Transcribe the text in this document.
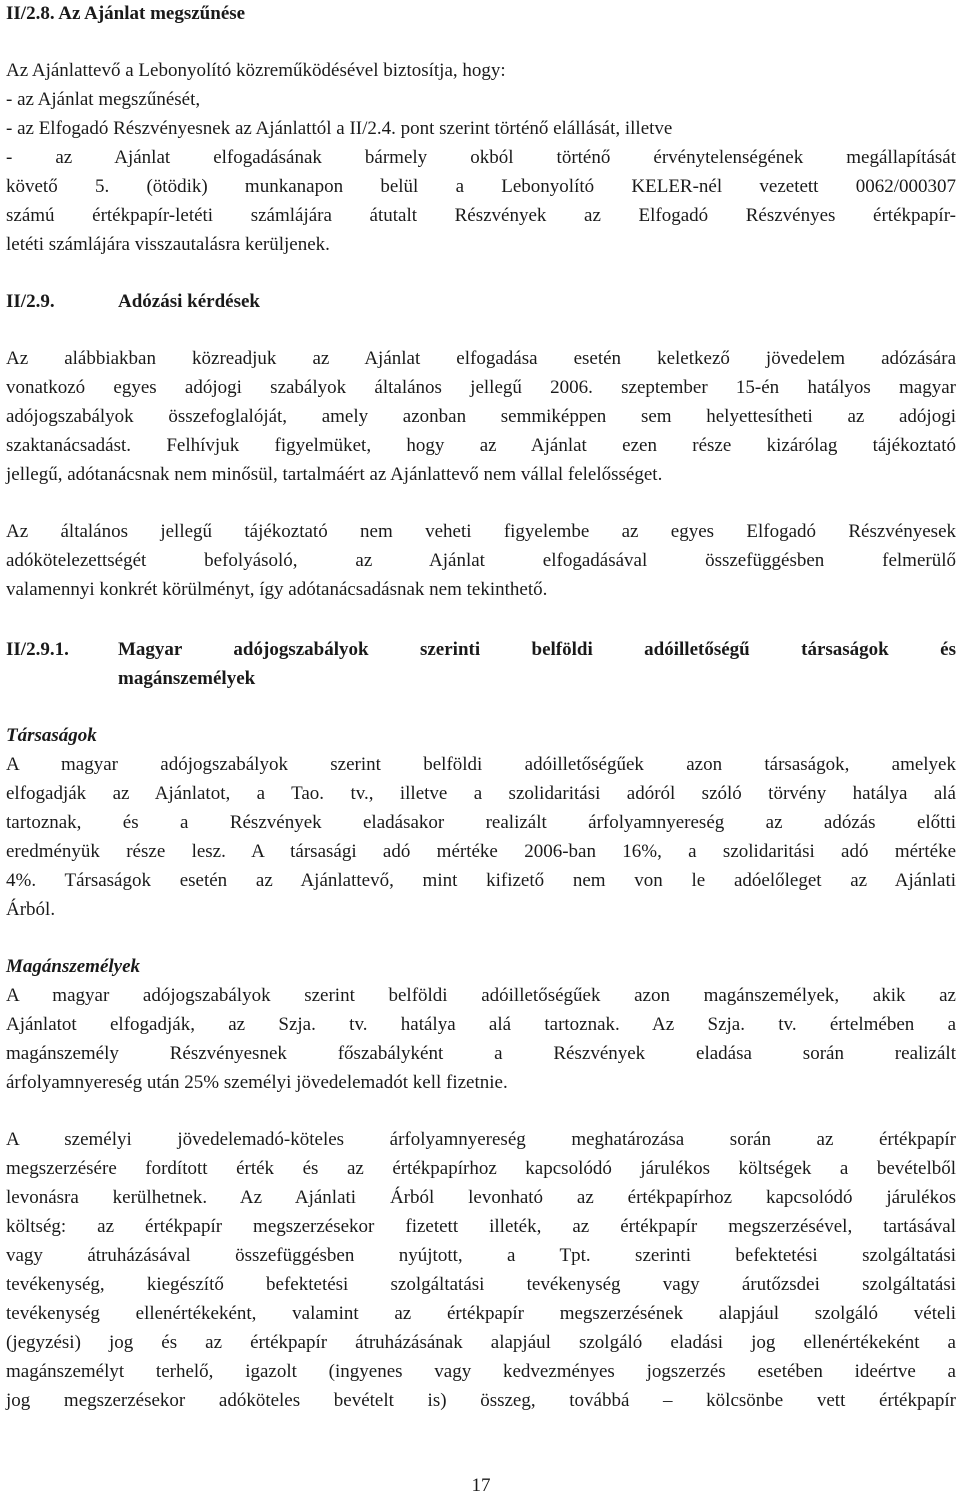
II/2.8. Az Ajánlat megszűnése
Az Ajánlattevő a Lebonyolító közreműködésével biztosítja, hogy:
- az Ajánlat megszűnését,
- az Elfogadó Részvényesnek az Ajánlattól a II/2.4. pont szerint történő elállását, illetve
- az Ajánlat elfogadásának bármely okból történő érvénytelenségének megállapítását
követő 5. (ötödik) munkanapon belül a Lebonyolító KELER-nél vezetett 0062/000307
számú értékpapír-letéti számlájára átutalt Részvények az Elfogadó Részvényes értékpapír-
letéti számlájára visszautalásra kerüljenek.
II/2.9.	Adózási kérdések
Az alábbiakban közreadjuk az Ajánlat elfogadása esetén keletkező jövedelem adózására
vonatkozó egyes adójogi szabályok általános jellegű 2006. szeptember 15-én hatályos magyar
adójogszabályok összefoglalóját, amely azonban semmiképpen sem helyettesítheti az adójogi
szaktanácsadást. Felhívjuk figyelmüket, hogy az Ajánlat ezen része kizárólag tájékoztató
jellegű, adótanácsnak nem minősül, tartalmáért az Ajánlattevő nem vállal felelősséget.
Az általános jellegű tájékoztató nem veheti figyelembe az egyes Elfogadó Részvényesek
adókötelezettségét befolyásoló, az Ajánlat elfogadásával összefüggésben felmerülő
valamennyi konkrét körülményt, így adótanácsadásnak nem tekinthető.
II/2.9.1.	Magyar adójogszabályok szerinti belföldi adóilletőségű társaságok és
magánszemélyek
Társaságok
A magyar adójogszabályok szerint belföldi adóilletőségűek azon társaságok, amelyek
elfogadják az Ajánlatot, a Tao. tv., illetve a szolidaritási adóról szóló törvény hatálya alá
tartoznak, és a Részvények eladásakor realizált árfolyamnyereség az adózás előtti
eredményük része lesz. A társasági adó mértéke 2006-ban 16%, a szolidaritási adó mértéke
4%. Társaságok esetén az Ajánlattevő, mint kifizető nem von le adóelőleget az Ajánlati
Árból.
Magánszemélyek
A magyar adójogszabályok szerint belföldi adóilletőségűek azon magánszemélyek, akik az
Ajánlatot elfogadják, az Szja. tv. hatálya alá tartoznak. Az Szja. tv. értelmében a
magánszemély Részvényesnek főszabályként a Részvények eladása során realizált
árfolyamnyereség után 25% személyi jövedelemadót kell fizetnie.
A személyi jövedelemadó-köteles árfolyamnyereség meghatározása során az értékpapír
megszerzésére fordított érték és az értékpapírhoz kapcsolódó járulékos költségek a bevételből
levonásra kerülhetnek. Az Ajánlati Árból levonható az értékpapírhoz kapcsolódó járulékos
költség: az értékpapír megszerzésekor fizetett illeték, az értékpapír megszerzésével, tartásával
vagy átruházásával összefüggésben nyújtott, a Tpt. szerinti befektetési szolgáltatási
tevékenység, kiegészítő befektetési szolgáltatási tevékenység vagy árutőzsdei szolgáltatási
tevékenység ellenértékeként, valamint az értékpapír megszerzésének alapjául szolgáló vételi
(jegyzési) jog és az értékpapír átruházásának alapjául szolgáló eladási jog ellenértékeként a
magánszemélyt terhelő, igazolt (ingyenes vagy kedvezményes jogszerzés esetében ideértve a
jog megszerzésekor adóköteles bevételt is) összeg, továbbá – kölcsönbe vett értékpapír
17
